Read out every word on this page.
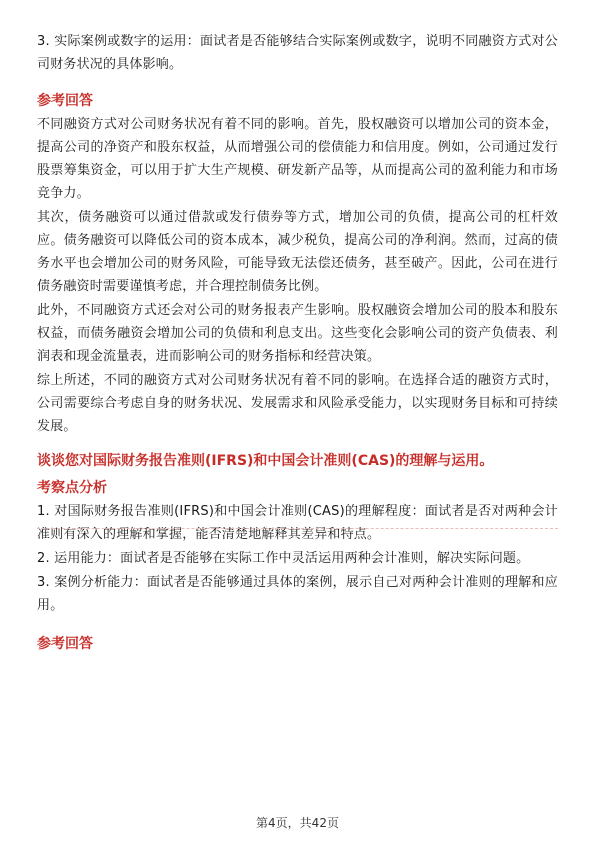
3. 实际案例或数字的运用：面试者是否能够结合实际案例或数字，说明不同融资方式对公司财务状况的具体影响。

参考回答

不同融资方式对公司财务状况有着不同的影响。首先，股权融资可以增加公司的资本金，提高公司的净资产和股东权益，从而增强公司的偿债能力和信用度。例如，公司通过发行股票筹集资金，可以用于扩大生产规模、研发新产品等，从而提高公司的盈利能力和市场竞争力。

其次，债务融资可以通过借款或发行债券等方式，增加公司的负债，提高公司的杠杆效应。债务融资可以降低公司的资本成本，减少税负，提高公司的净利润。然而，过高的债务水平也会增加公司的财务风险，可能导致无法偿还债务，甚至破产。因此，公司在进行债务融资时需要谨慎考虑，并合理控制债务比例。

此外，不同融资方式还会对公司的财务报表产生影响。股权融资会增加公司的股本和股东权益，而债务融资会增加公司的负债和利息支出。这些变化会影响公司的资产负债表、利润表和现金流量表，进而影响公司的财务指标和经营决策。

综上所述，不同的融资方式对公司财务状况有着不同的影响。在选择合适的融资方式时，公司需要综合考虑自身的财务状况、发展需求和风险承受能力，以实现财务目标和可持续发展。

谈谈您对国际财务报告准则(IFRS)和中国会计准则(CAS)的理解与运用。
考察点分析

1. 对国际财务报告准则(IFRS)和中国会计准则(CAS)的理解程度：面试者是否对两种会计准则有深入的理解和掌握，能否清楚地解释其差异和特点。

2. 运用能力：面试者是否能够在实际工作中灵活运用两种会计准则，解决实际问题。

3. 案例分析能力：面试者是否能够通过具体的案例，展示自己对两种会计准则的理解和应用。

参考回答
第4页，共42页
